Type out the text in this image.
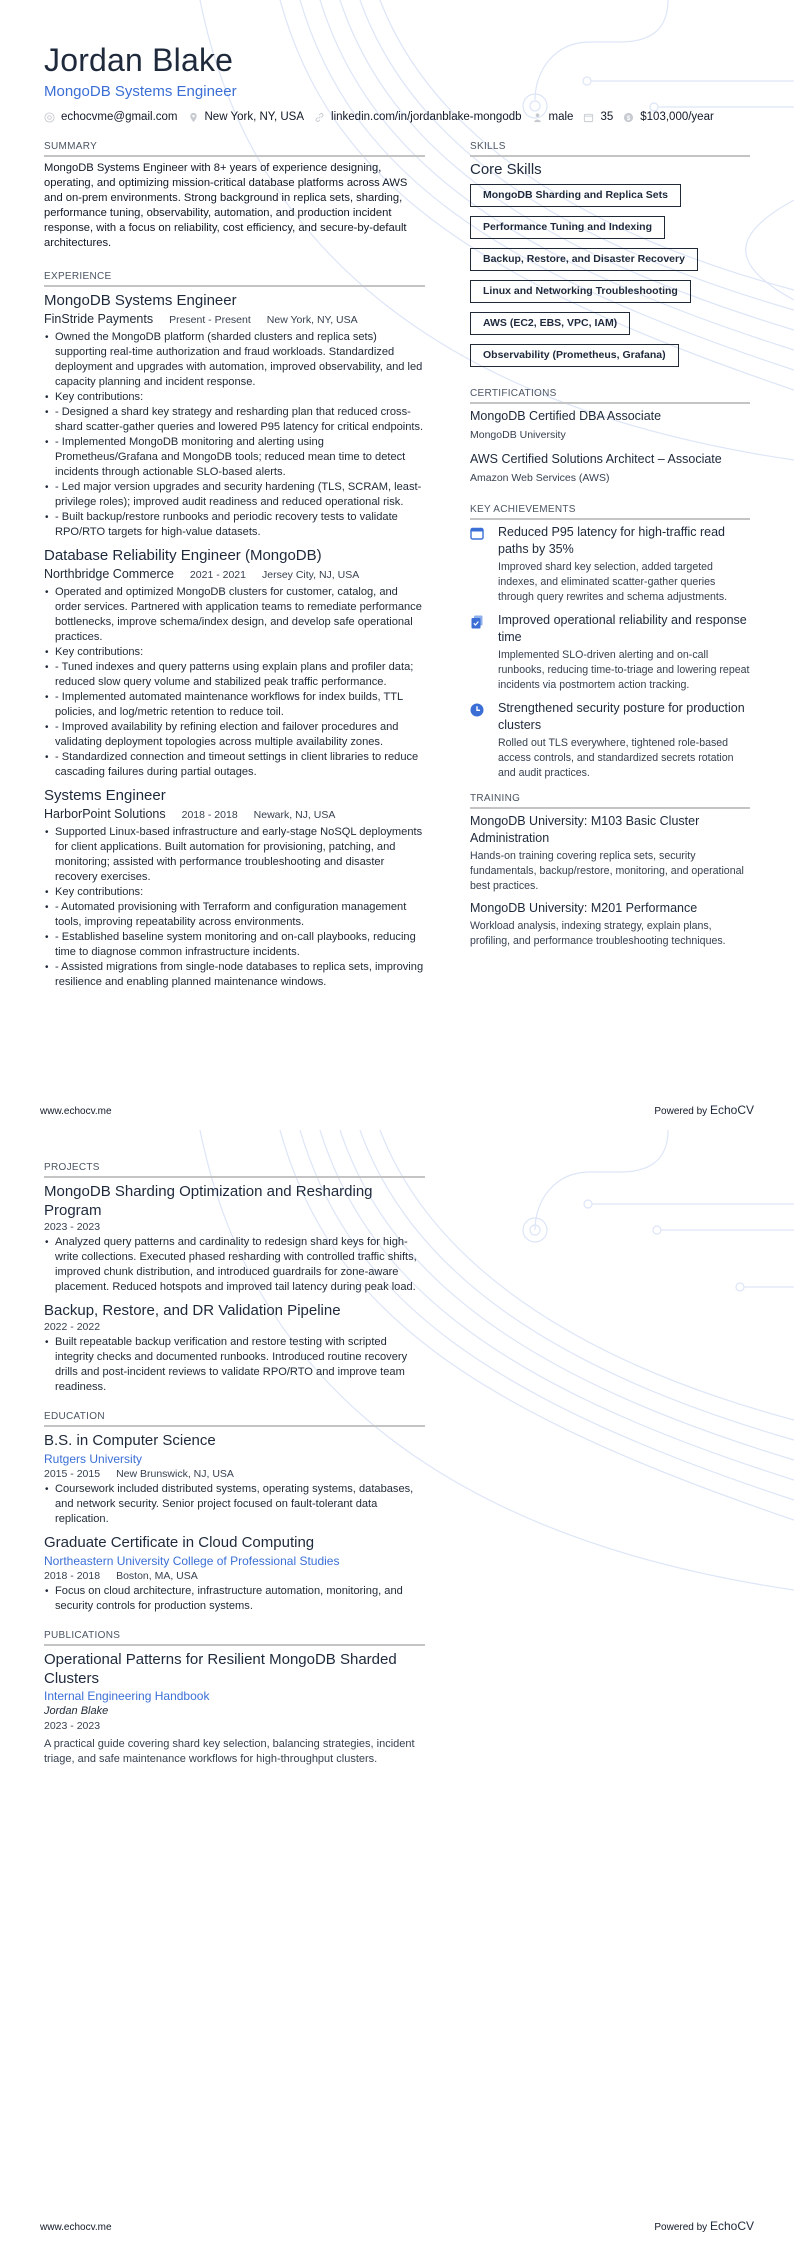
Jordan Blake
MongoDB Systems Engineer
echocvme@gmail.com New York, NY, USA linkedin.com/in/jordanblake-mongodb male 35 $ $103,000/year
SUMMARY

MongoDB Systems Engineer with 8+ years of experience designing, operating, and optimizing mission-critical database platforms across AWS and on-prem environments. Strong background in replica sets, sharding, performance tuning, observability, automation, and production incident response, with a focus on reliability, cost efficiency, and secure-by-default architectures.

EXPERIENCE
MongoDB Systems Engineer
FinStride Payments Present - Present New York, NY, USA
• Owned the MongoDB platform (sharded clusters and replica sets) supporting real-time authorization and fraud workloads. Standardized deployment and upgrades with automation, improved observability, and led capacity planning and incident response.
• Key contributions:
• - Designed a shard key strategy and resharding plan that reduced cross-shard scatter-gather queries and lowered P95 latency for critical endpoints.
• - Implemented MongoDB monitoring and alerting using Prometheus/Grafana and MongoDB tools; reduced mean time to detect incidents through actionable SLO-based alerts.
• - Led major version upgrades and security hardening (TLS, SCRAM, least-privilege roles); improved audit readiness and reduced operational risk.
• - Built backup/restore runbooks and periodic recovery tests to validate RPO/RTO targets for high-value datasets.
Database Reliability Engineer (MongoDB)
Northbridge Commerce 2021 - 2021 Jersey City, NJ, USA
• Operated and optimized MongoDB clusters for customer, catalog, and order services. Partnered with application teams to remediate performance bottlenecks, improve schema/index design, and develop safe operational practices.
• Key contributions:
• - Tuned indexes and query patterns using explain plans and profiler data; reduced slow query volume and stabilized peak traffic performance.
• - Implemented automated maintenance workflows for index builds, TTL policies, and log/metric retention to reduce toil.
• - Improved availability by refining election and failover procedures and validating deployment topologies across multiple availability zones.
• - Standardized connection and timeout settings in client libraries to reduce cascading failures during partial outages.
Systems Engineer
HarborPoint Solutions 2018 - 2018 Newark, NJ, USA
• Supported Linux-based infrastructure and early-stage NoSQL deployments for client applications. Built automation for provisioning, patching, and monitoring; assisted with performance troubleshooting and disaster recovery exercises.
• Key contributions:
• - Automated provisioning with Terraform and configuration management tools, improving repeatability across environments.
• - Established baseline system monitoring and on-call playbooks, reducing time to diagnose common infrastructure incidents.
• - Assisted migrations from single-node databases to replica sets, improving resilience and enabling planned maintenance windows.
SKILLS
Core Skills
MongoDB Sharding and Replica Sets
Performance Tuning and Indexing
Backup, Restore, and Disaster Recovery
Linux and Networking Troubleshooting
AWS (EC2, EBS, VPC, IAM)
Observability (Prometheus, Grafana)
CERTIFICATIONS
MongoDB Certified DBA Associate
MongoDB University
AWS Certified Solutions Architect – Associate
Amazon Web Services (AWS)
KEY ACHIEVEMENTS
Reduced P95 latency for high-traffic read paths by 35%
Improved shard key selection, added targeted indexes, and eliminated scatter-gather queries through query rewrites and schema adjustments.
Improved operational reliability and response time
Implemented SLO-driven alerting and on-call runbooks, reducing time-to-triage and lowering repeat incidents via postmortem action tracking.
Strengthened security posture for production clusters
Rolled out TLS everywhere, tightened role-based access controls, and standardized secrets rotation and audit practices.
TRAINING
MongoDB University: M103 Basic Cluster Administration
Hands-on training covering replica sets, security fundamentals, backup/restore, monitoring, and operational best practices.
MongoDB University: M201 Performance
Workload analysis, indexing strategy, explain plans, profiling, and performance troubleshooting techniques.
www.echocv.me	Powered by EchoCV
PROJECTS
MongoDB Sharding Optimization and Resharding Program
2023 - 2023
• Analyzed query patterns and cardinality to redesign shard keys for high-write collections. Executed phased resharding with controlled traffic shifts, improved chunk distribution, and introduced guardrails for zone-aware placement. Reduced hotspots and improved tail latency during peak load.
Backup, Restore, and DR Validation Pipeline
2022 - 2022
• Built repeatable backup verification and restore testing with scripted integrity checks and documented runbooks. Introduced routine recovery drills and post-incident reviews to validate RPO/RTO and improve team readiness.
EDUCATION
B.S. in Computer Science
Rutgers University
2015 - 2015 New Brunswick, NJ, USA
• Coursework included distributed systems, operating systems, databases, and network security. Senior project focused on fault-tolerant data replication.
Graduate Certificate in Cloud Computing
Northeastern University College of Professional Studies
2018 - 2018 Boston, MA, USA
• Focus on cloud architecture, infrastructure automation, monitoring, and security controls for production systems.
PUBLICATIONS
Operational Patterns for Resilient MongoDB Sharded Clusters
Internal Engineering Handbook
Jordan Blake
2023 - 2023
A practical guide covering shard key selection, balancing strategies, incident triage, and safe maintenance workflows for high-throughput clusters.
www.echocv.me	Powered by EchoCV
